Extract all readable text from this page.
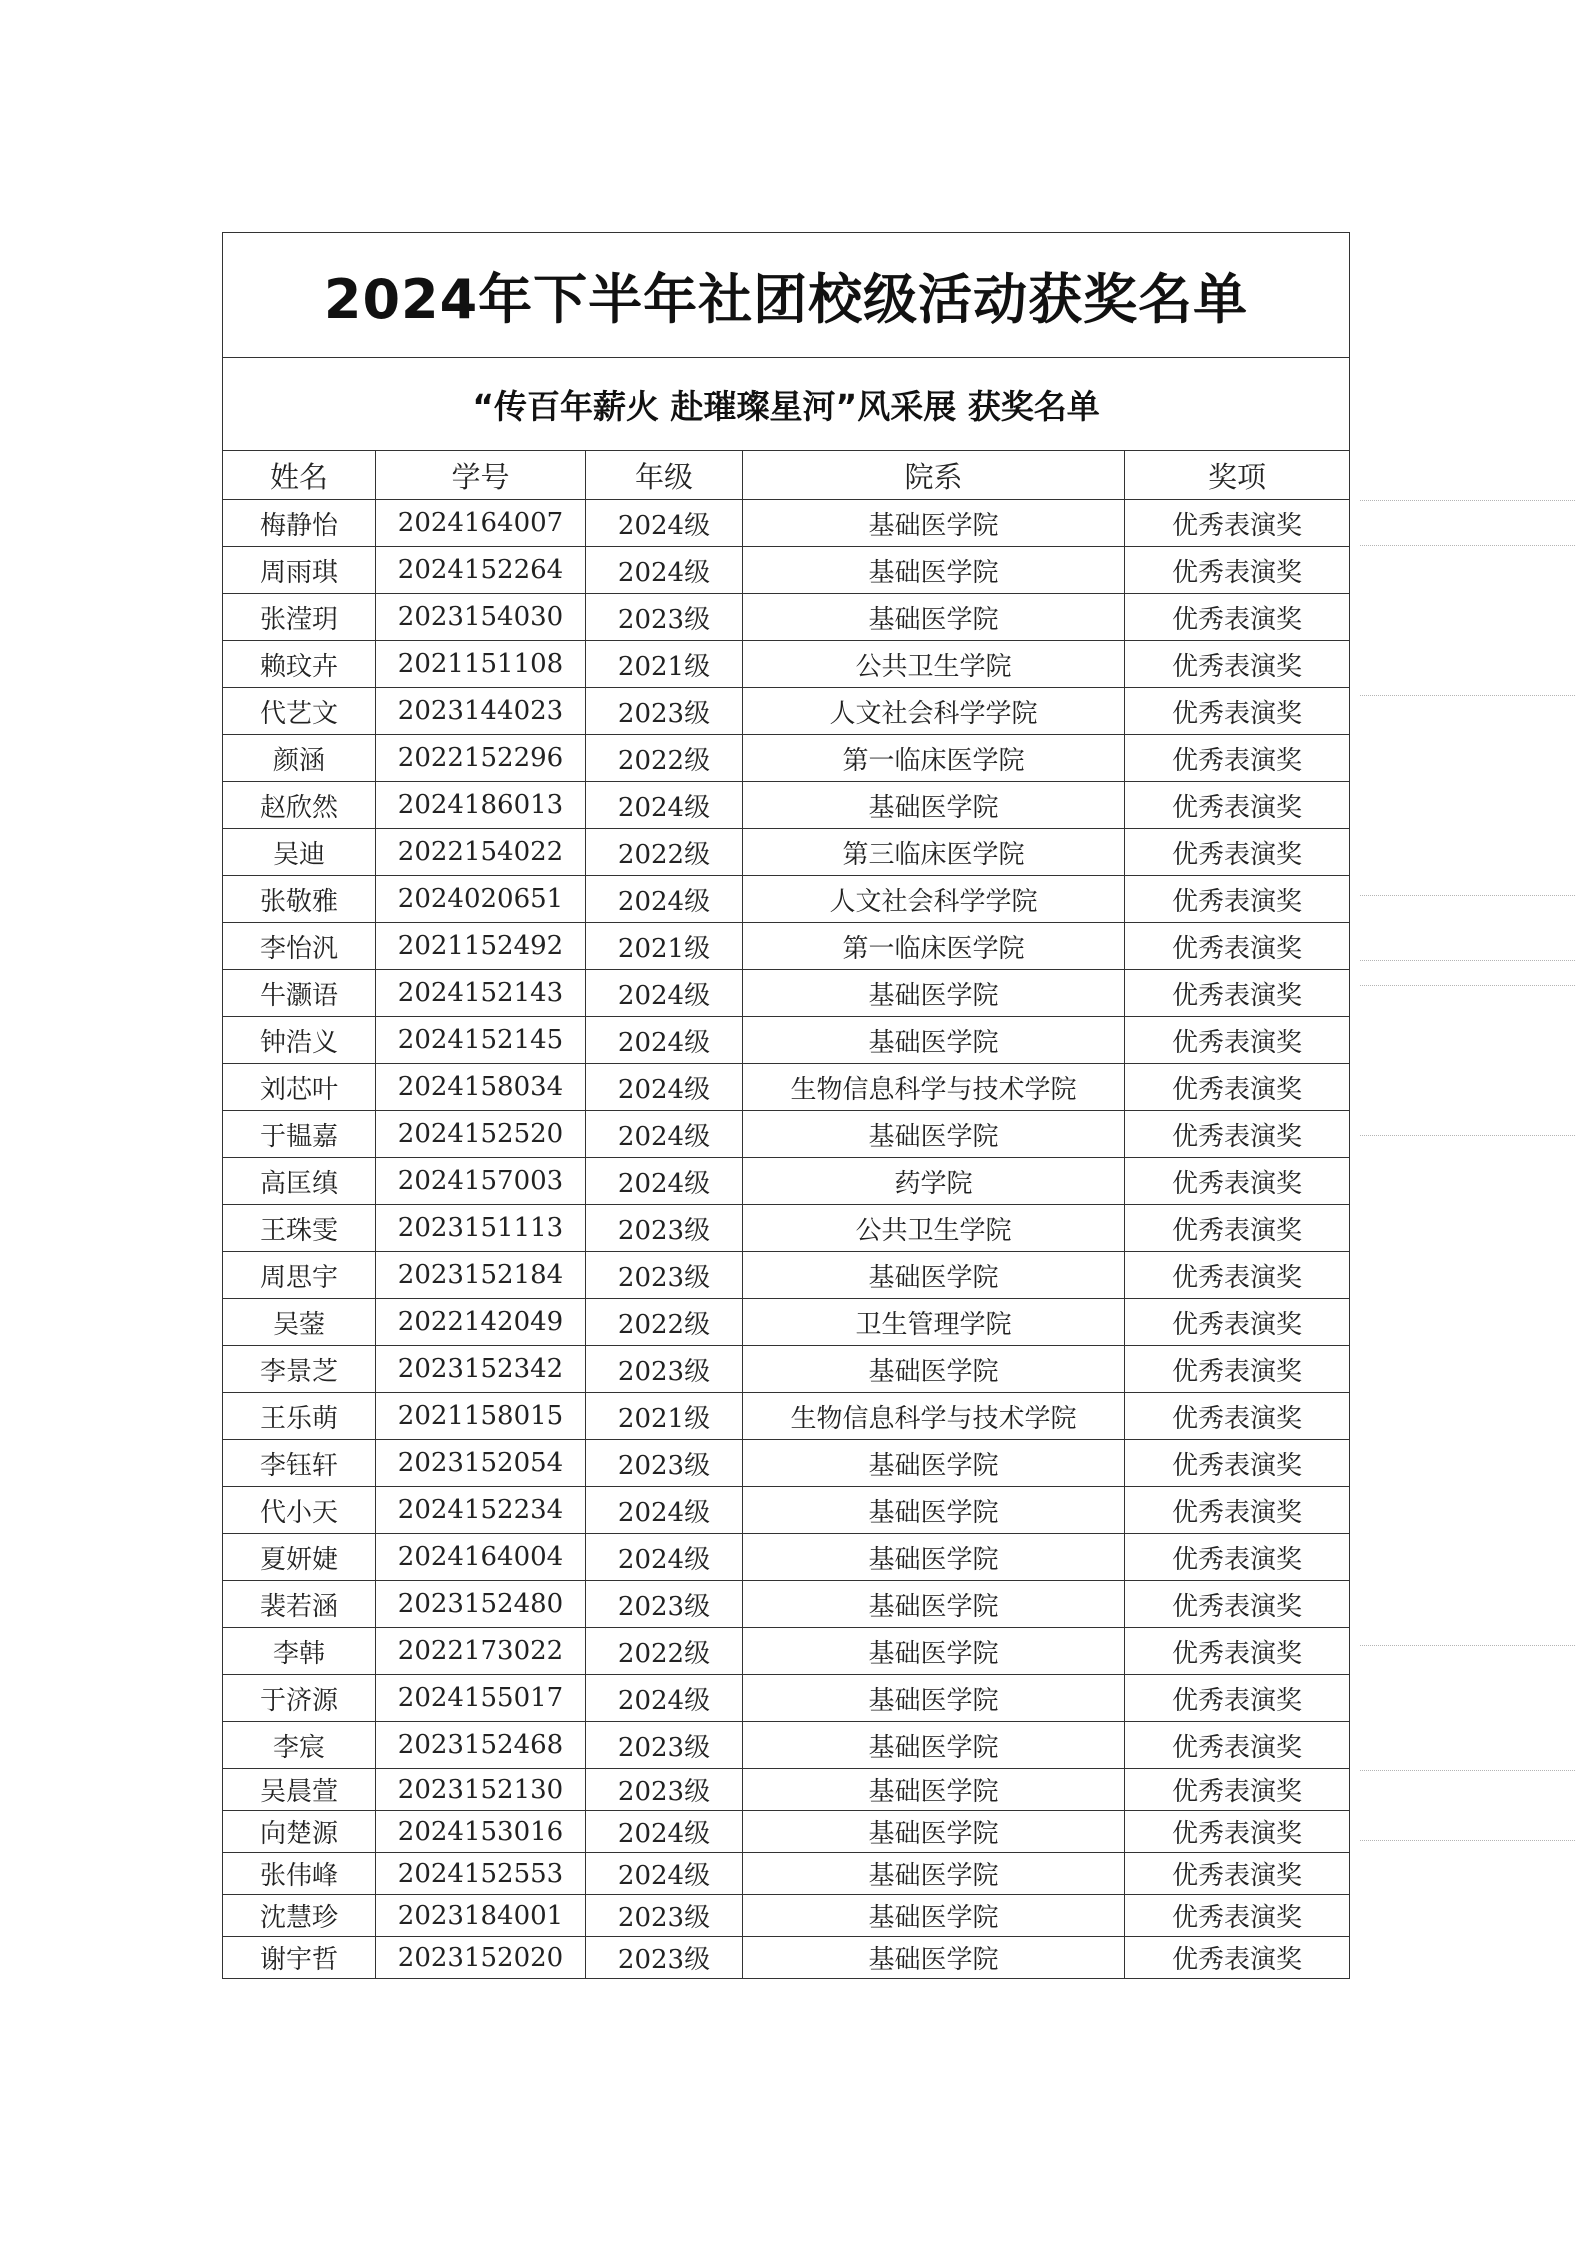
2024年下半年社团校级活动获奖名单				
“传百年薪火 赴璀璨星河”风采展 获奖名单				
姓名	学号	年级	院系	奖项
梅静怡	2024164007	2024级	基础医学院	优秀表演奖
周雨琪	2024152264	2024级	基础医学院	优秀表演奖
张滢玥	2023154030	2023级	基础医学院	优秀表演奖
赖玟卉	2021151108	2021级	公共卫生学院	优秀表演奖
代艺文	2023144023	2023级	人文社会科学学院	优秀表演奖
颜涵	2022152296	2022级	第一临床医学院	优秀表演奖
赵欣然	2024186013	2024级	基础医学院	优秀表演奖
吴迪	2022154022	2022级	第三临床医学院	优秀表演奖
张敬雅	2024020651	2024级	人文社会科学学院	优秀表演奖
李怡汎	2021152492	2021级	第一临床医学院	优秀表演奖
牛灏语	2024152143	2024级	基础医学院	优秀表演奖
钟浩义	2024152145	2024级	基础医学院	优秀表演奖
刘芯叶	2024158034	2024级	生物信息科学与技术学院	优秀表演奖
于韫嘉	2024152520	2024级	基础医学院	优秀表演奖
高匡缜	2024157003	2024级	药学院	优秀表演奖
王珠雯	2023151113	2023级	公共卫生学院	优秀表演奖
周思宇	2023152184	2023级	基础医学院	优秀表演奖
吴蓥	2022142049	2022级	卫生管理学院	优秀表演奖
李景芝	2023152342	2023级	基础医学院	优秀表演奖
王乐萌	2021158015	2021级	生物信息科学与技术学院	优秀表演奖
李钰轩	2023152054	2023级	基础医学院	优秀表演奖
代小天	2024152234	2024级	基础医学院	优秀表演奖
夏妍婕	2024164004	2024级	基础医学院	优秀表演奖
裴若涵	2023152480	2023级	基础医学院	优秀表演奖
李韩	2022173022	2022级	基础医学院	优秀表演奖
于济源	2024155017	2024级	基础医学院	优秀表演奖
李宸	2023152468	2023级	基础医学院	优秀表演奖
吴晨萱	2023152130	2023级	基础医学院	优秀表演奖
向楚源	2024153016	2024级	基础医学院	优秀表演奖
张伟峰	2024152553	2024级	基础医学院	优秀表演奖
沈慧珍	2023184001	2023级	基础医学院	优秀表演奖
谢宇哲	2023152020	2023级	基础医学院	优秀表演奖
